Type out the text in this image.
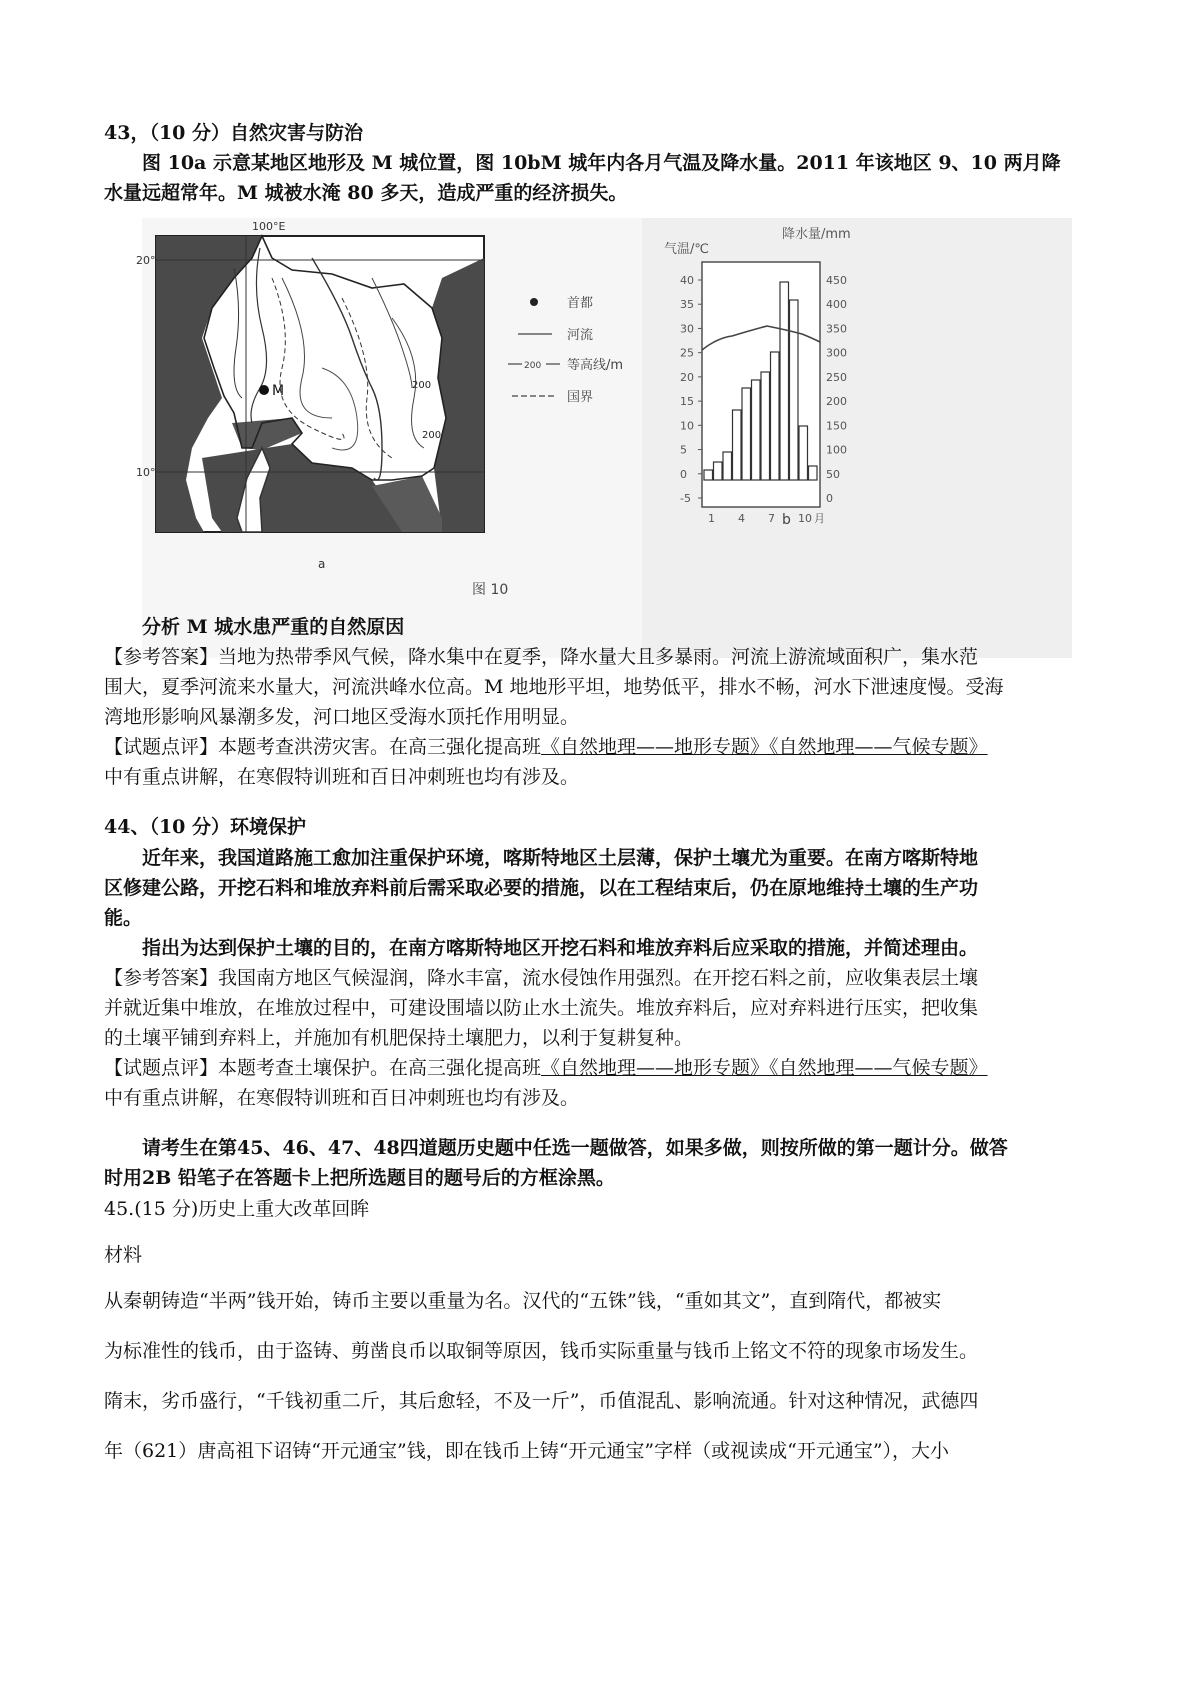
43，（10 分）自然灾害与防治
图 10a 示意某地区地形及 M 城位置，图 10bM 城年内各月气温及降水量。2011 年该地区 9、10 两月降
水量远超常年。M 城被水淹 80 多天，造成严重的经济损失。
100°E
20°
10°
M	200
200
a
首都
河流
200 等高线/m
国界
气温/℃
降水量/mm
40
35
30
25
20
15
10
5
0
-5
450
400
350
300
250
200
150
100
50
0
1 4 7 10 月
b
图 10
分析 M 城水患严重的自然原因
【参考答案】当地为热带季风气候，降水集中在夏季，降水量大且多暴雨。河流上游流域面积广，集水范
围大，夏季河流来水量大，河流洪峰水位高。M 地地形平坦，地势低平，排水不畅，河水下泄速度慢。受海
湾地形影响风暴潮多发，河口地区受海水顶托作用明显。
【试题点评】本题考查洪涝灾害。在高三强化提高班《自然地理——地形专题》《自然地理——气候专题》
中有重点讲解，在寒假特训班和百日冲刺班也均有涉及。
44、（10 分）环境保护
近年来，我国道路施工愈加注重保护环境，喀斯特地区土层薄，保护土壤尤为重要。在南方喀斯特地
区修建公路，开挖石料和堆放弃料前后需采取必要的措施，以在工程结束后，仍在原地维持土壤的生产功
能。
指出为达到保护土壤的目的，在南方喀斯特地区开挖石料和堆放弃料后应采取的措施，并简述理由。
【参考答案】我国南方地区气候湿润，降水丰富，流水侵蚀作用强烈。在开挖石料之前，应收集表层土壤
并就近集中堆放，在堆放过程中，可建设围墙以防止水土流失。堆放弃料后，应对弃料进行压实，把收集
的土壤平铺到弃料上，并施加有机肥保持土壤肥力，以利于复耕复种。
【试题点评】本题考查土壤保护。在高三强化提高班《自然地理——地形专题》《自然地理——气候专题》
中有重点讲解，在寒假特训班和百日冲刺班也均有涉及。
请考生在第45、46、47、48四道题历史题中任选一题做答，如果多做，则按所做的第一题计分。做答
时用2B 铅笔子在答题卡上把所选题目的题号后的方框涂黑。
45.(15 分)历史上重大改革回眸
材料
从秦朝铸造“半两”钱开始，铸币主要以重量为名。汉代的“五铢”钱，“重如其文”，直到隋代，都被实
为标准性的钱币，由于盗铸、剪凿良币以取铜等原因，钱币实际重量与钱币上铭文不符的现象市场发生。
隋末，劣币盛行，“千钱初重二斤，其后愈轻，不及一斤”，币值混乱、影响流通。针对这种情况，武德四
年（621）唐高祖下诏铸“开元通宝”钱，即在钱币上铸“开元通宝”字样（或视读成“开元通宝”），大小
